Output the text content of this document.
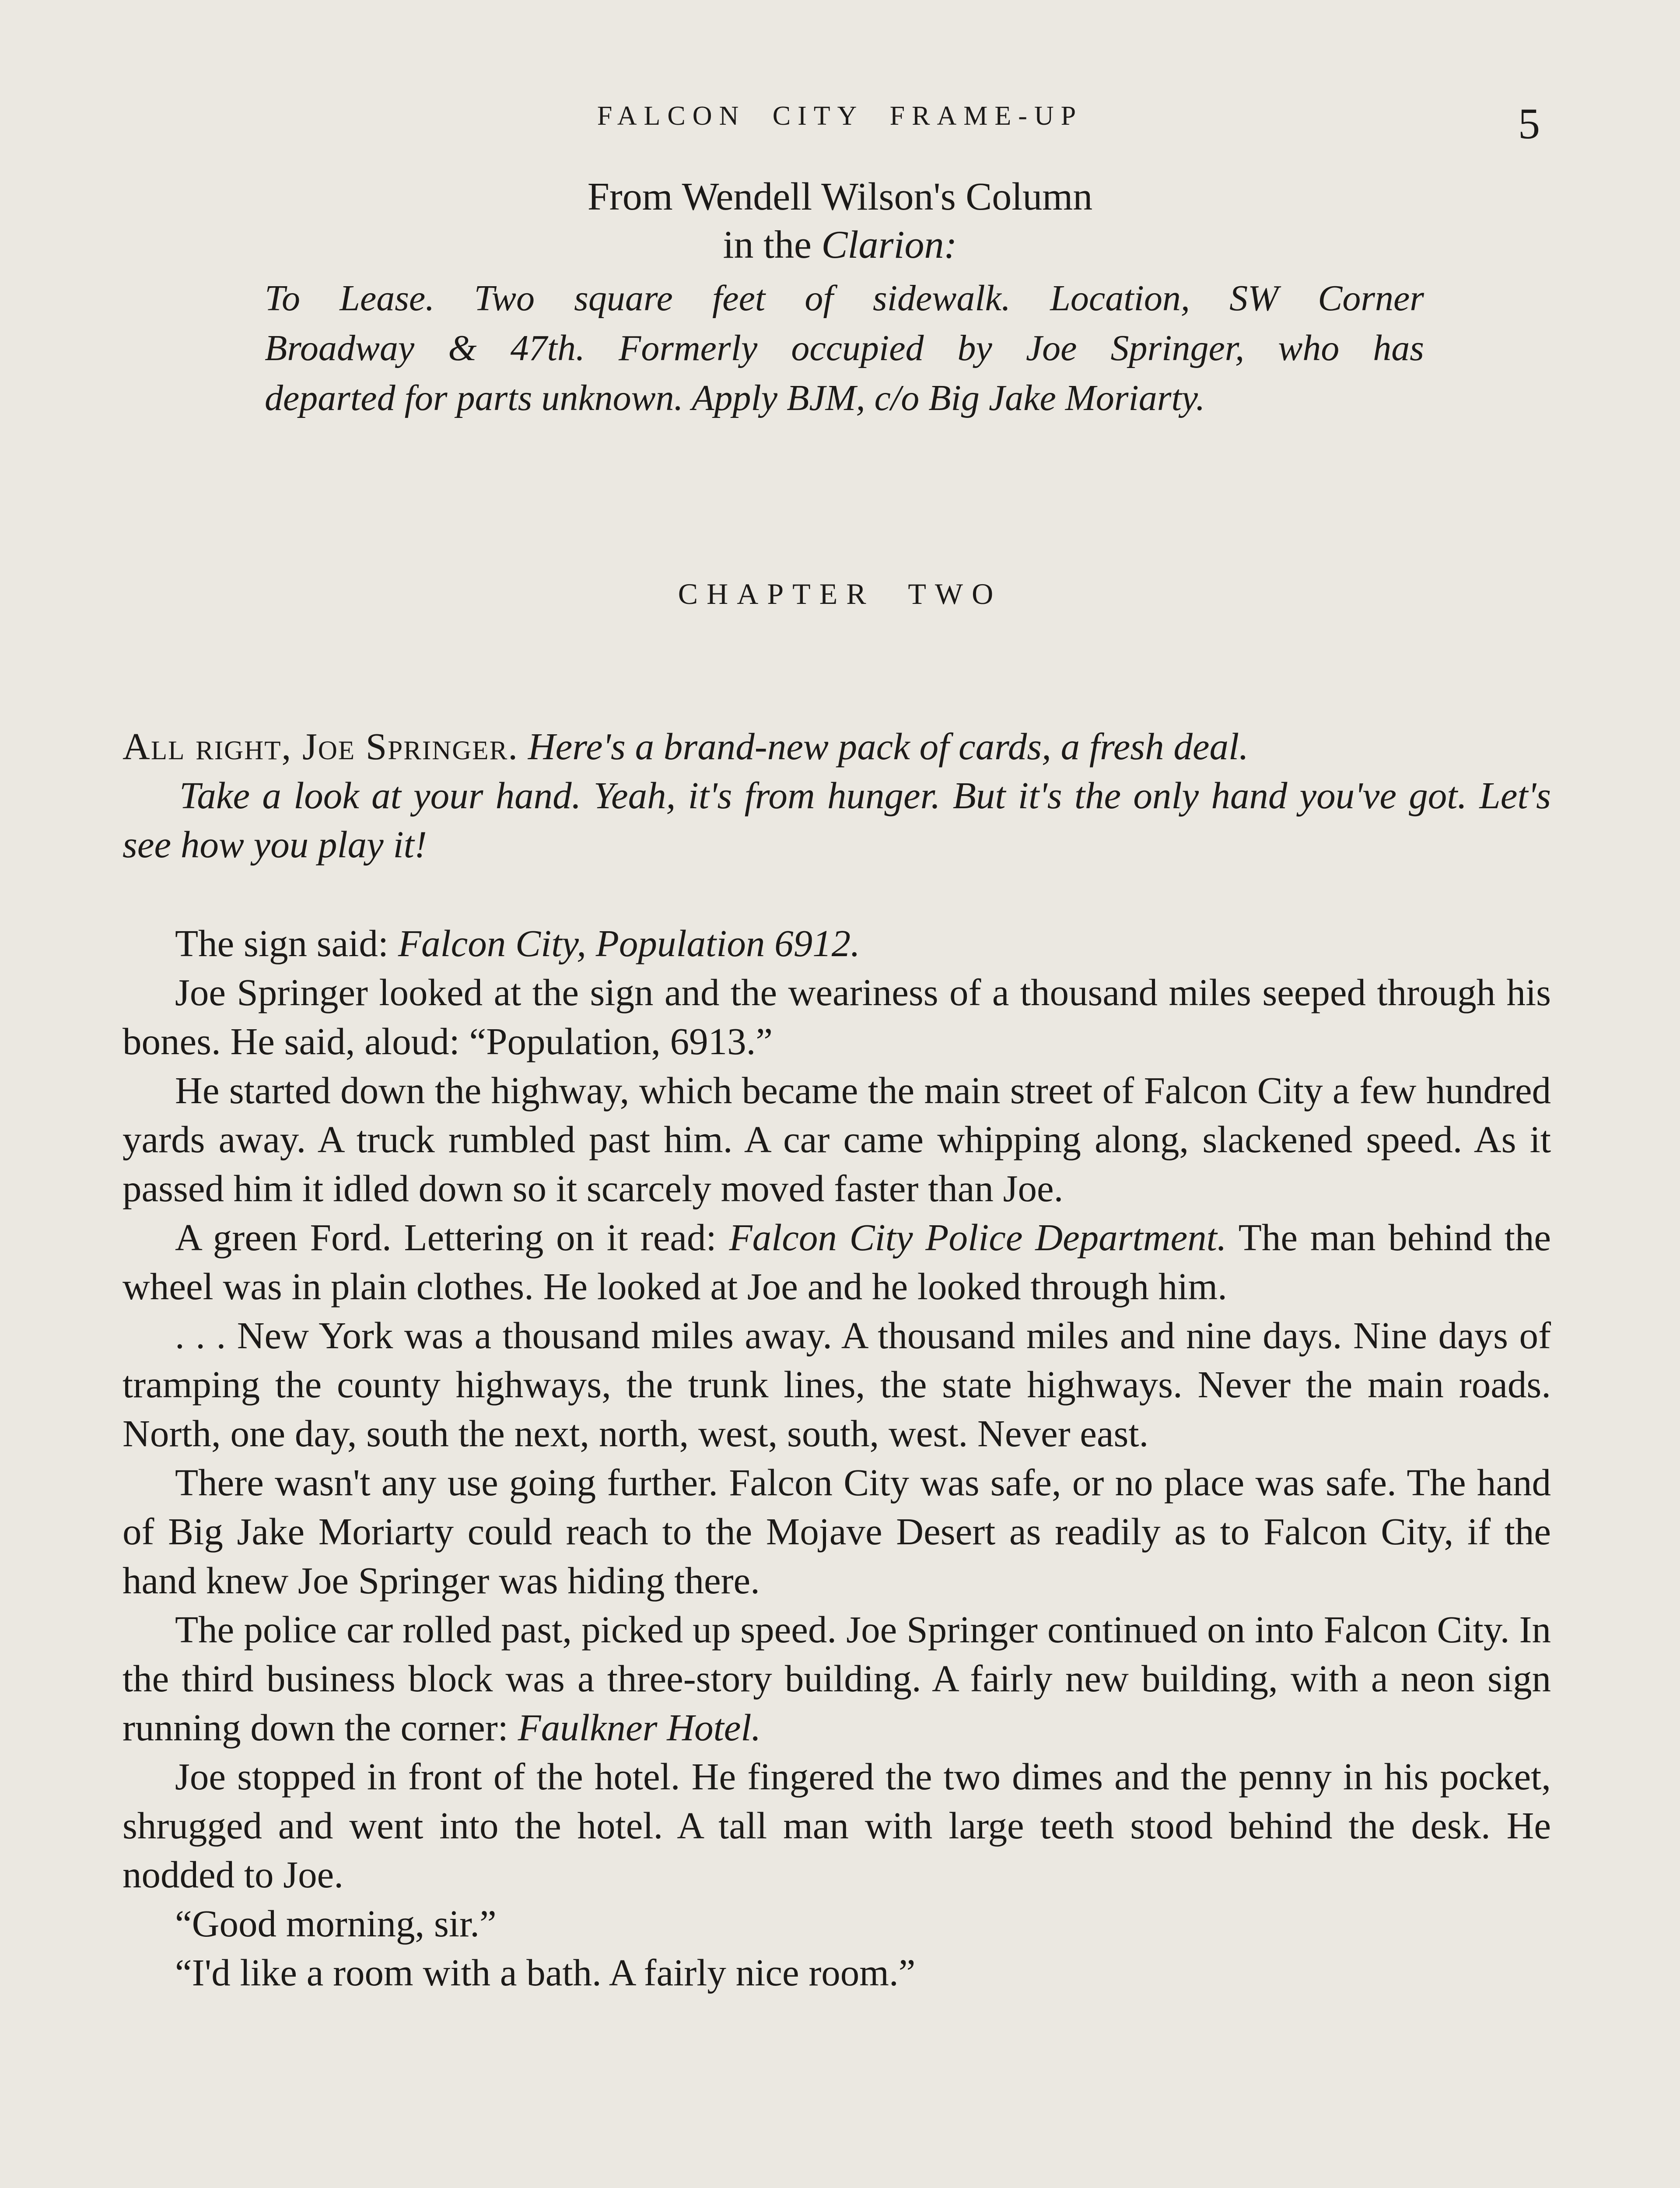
FALCON CITY FRAME-UP	5
From Wendell Wilson's Column
in the Clarion:
To Lease. Two square feet of sidewalk. Location, SW Corner
Broadway & 47th. Formerly occupied by Joe Springer, who has
departed for parts unknown. Apply BJM, c/o Big Jake Moriarty.
CHAPTER TWO

All right, Joe Springer. Here's a brand-new pack of cards, a fresh deal.

Take a look at your hand. Yeah, it's from hunger. But it's the only hand you've got. Let's see how you play it!

The sign said: Falcon City, Population 6912.

Joe Springer looked at the sign and the weariness of a thousand miles seeped through his bones. He said, aloud: “Population, 6913.”

He started down the highway, which became the main street of Falcon City a few hundred yards away. A truck rumbled past him. A car came whipping along, slackened speed. As it passed him it idled down so it scarcely moved faster than Joe.

A green Ford. Lettering on it read: Falcon City Police Department. The man behind the wheel was in plain clothes. He looked at Joe and he looked through him.

. . . New York was a thousand miles away. A thousand miles and nine days. Nine days of tramping the county highways, the trunk lines, the state highways. Never the main roads. North, one day, south the next, north, west, south, west. Never east.

There wasn't any use going further. Falcon City was safe, or no place was safe. The hand of Big Jake Moriarty could reach to the Mojave Desert as readily as to Falcon City, if the hand knew Joe Springer was hiding there.

The police car rolled past, picked up speed. Joe Springer continued on into Falcon City. In the third business block was a three-story building. A fairly new building, with a neon sign running down the corner: Faulkner Hotel.

Joe stopped in front of the hotel. He fingered the two dimes and the penny in his pocket, shrugged and went into the hotel. A tall man with large teeth stood behind the desk. He nodded to Joe.

“Good morning, sir.”

“I'd like a room with a bath. A fairly nice room.”
